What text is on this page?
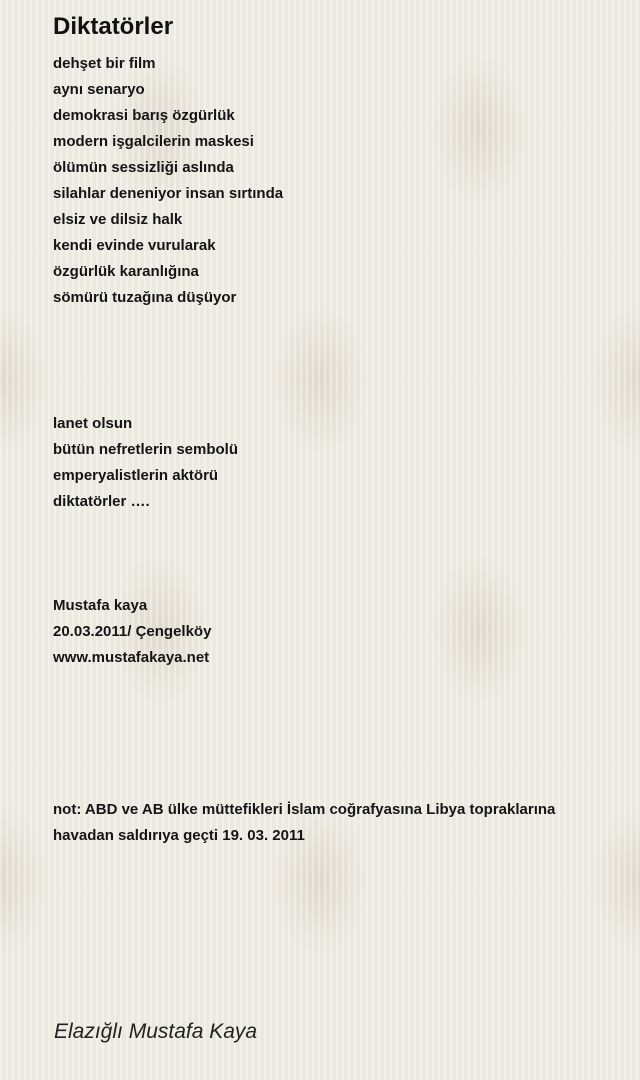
Diktatörler
dehşet bir film
aynı senaryo
demokrasi barış özgürlük
modern işgalcilerin maskesi
ölümün sessizliği aslında
silahlar deneniyor insan sırtında
elsiz ve dilsiz halk
kendi evinde vurularak
özgürlük karanlığına
sömürü tuzağına düşüyor
lanet olsun
bütün nefretlerin sembolü
emperyalistlerin aktörü
diktatörler ….
Mustafa kaya
20.03.2011/ Çengelköy
www.mustafakaya.net
not: ABD ve AB ülke müttefikleri İslam coğrafyasına Libya topraklarına
havadan saldırıya geçti 19. 03. 2011
Elazığlı Mustafa Kaya
